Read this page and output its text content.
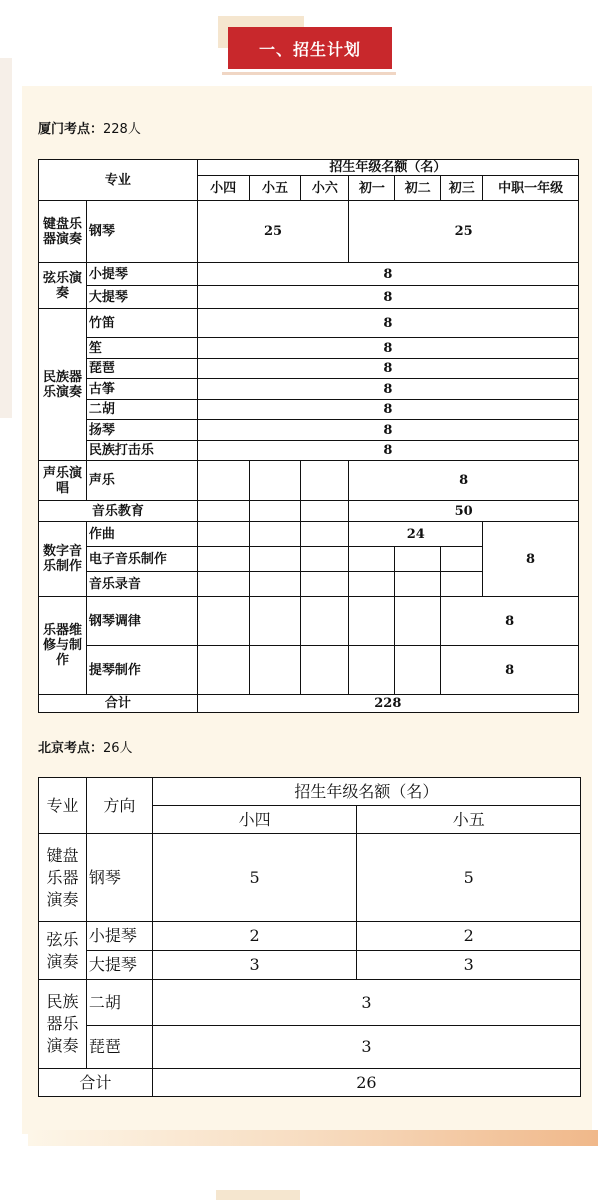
一、招生计划
厦门考点：228人
专业		招生年级名额（名）						
		小四	小五	小六	初一	初二	初三	中职一年级
键盘乐器演奏	钢琴	25			25			
弦乐演奏	小提琴	8						
	大提琴	8						
民族器乐演奏	竹笛	8						
	笙	8						
	琵琶	8						
	古筝	8						
	二胡	8						
	扬琴	8						
	民族打击乐	8						
声乐演唱	声乐				8			
音乐教育					50			
数字音乐制作	作曲				24			8
	电子音乐制作							
	音乐录音							
乐器维修与制作	钢琴调律						8	
	提琴制作						8	
合计		228						
北京考点：26人
专业	方向	招生年级名额（名）	
		小四	小五
键盘乐器演奏	钢琴	5	5
弦乐演奏	小提琴	2	2
	大提琴	3	3
民族器乐演奏	二胡	3	
	琵琶	3	
合计		26	
